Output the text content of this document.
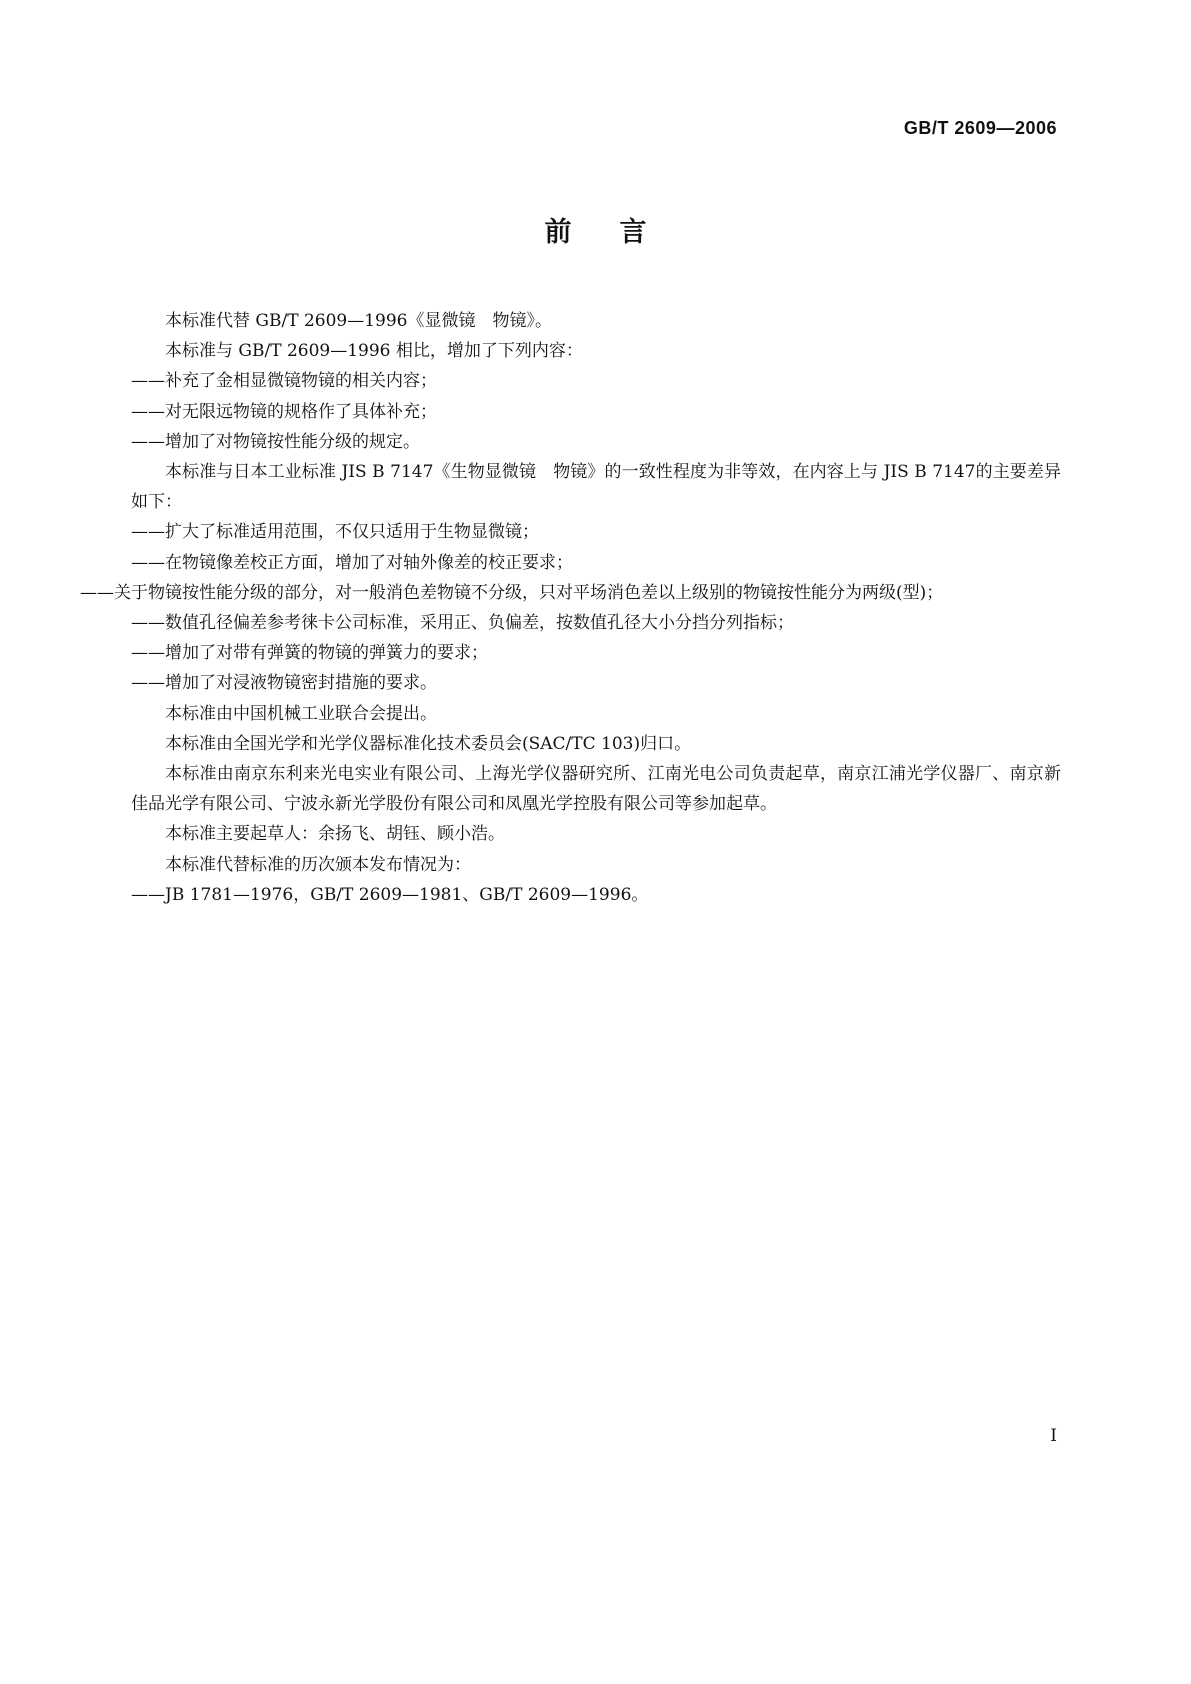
GB/T 2609—2006
前言

本标准代替 GB/T 2609—1996《显微镜　物镜》。

本标准与 GB/T 2609—1996 相比，增加了下列内容：

——补充了金相显微镜物镜的相关内容；

——对无限远物镜的规格作了具体补充；

——增加了对物镜按性能分级的规定。

本标准与日本工业标准 JIS B 7147《生物显微镜　物镜》的一致性程度为非等效，在内容上与 JIS B 7147的主要差异如下：

——扩大了标准适用范围，不仅只适用于生物显微镜；

——在物镜像差校正方面，增加了对轴外像差的校正要求；

——关于物镜按性能分级的部分，对一般消色差物镜不分级，只对平场消色差以上级别的物镜按性能分为两级(型)；

——数值孔径偏差参考徕卡公司标准，采用正、负偏差，按数值孔径大小分挡分列指标；

——增加了对带有弹簧的物镜的弹簧力的要求；

——增加了对浸液物镜密封措施的要求。

本标准由中国机械工业联合会提出。

本标准由全国光学和光学仪器标准化技术委员会(SAC/TC 103)归口。

本标准由南京东利来光电实业有限公司、上海光学仪器研究所、江南光电公司负责起草，南京江浦光学仪器厂、南京新佳品光学有限公司、宁波永新光学股份有限公司和凤凰光学控股有限公司等参加起草。

本标准主要起草人：余扬飞、胡钰、顾小浩。

本标准代替标准的历次颁本发布情况为：

——JB 1781—1976，GB/T 2609—1981、GB/T 2609—1996。

I
